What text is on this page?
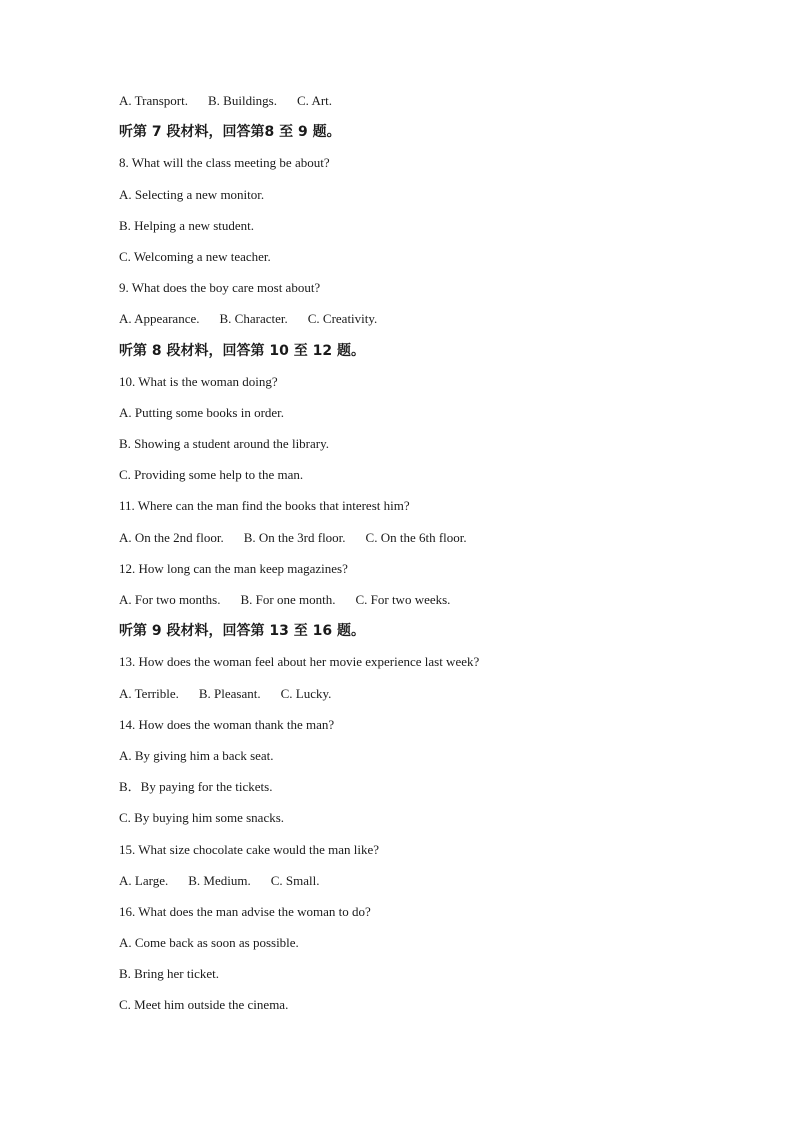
A. Transport. B. Buildings. C. Art.
听第 7 段材料，回答第8 至 9 题。
8. What will the class meeting be about?
A. Selecting a new monitor.
B. Helping a new student.
C. Welcoming a new teacher.
9. What does the boy care most about?
A. Appearance. B. Character. C. Creativity.
听第 8 段材料，回答第 10 至 12 题。
10. What is the woman doing?
A. Putting some books in order.
B. Showing a student around the library.
C. Providing some help to the man.
11. Where can the man find the books that interest him?
A. On the 2nd floor. B. On the 3rd floor. C. On the 6th floor.
12. How long can the man keep magazines?
A. For two months. B. For one month. C. For two weeks.
听第 9 段材料，回答第 13 至 16 题。
13. How does the woman feel about her movie experience last week?
A. Terrible. B. Pleasant. C. Lucky.
14. How does the woman thank the man?
A. By giving him a back seat.
B．By paying for the tickets.
C. By buying him some snacks.
15. What size chocolate cake would the man like?
A. Large. B. Medium. C. Small.
16. What does the man advise the woman to do?
A. Come back as soon as possible.
B. Bring her ticket.
C. Meet him outside the cinema.
